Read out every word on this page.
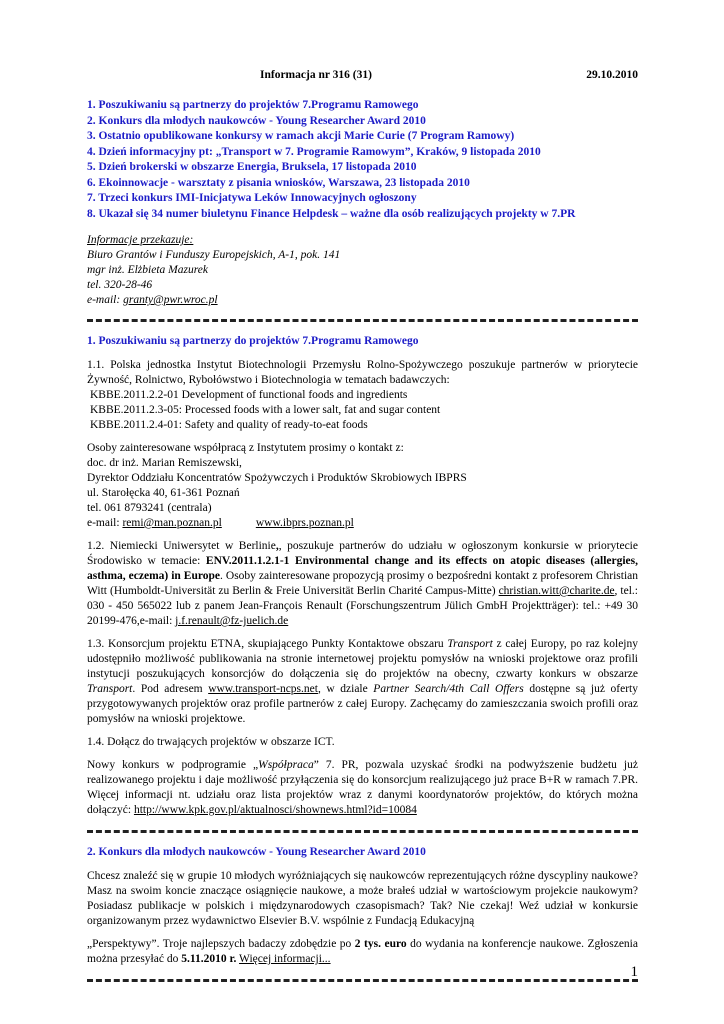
Informacja nr 316 (31)	29.10.2010
1. Poszukiwaniu są partnerzy do projektów 7.Programu Ramowego
2. Konkurs dla młodych naukowców - Young Researcher Award 2010
3. Ostatnio opublikowane konkursy w ramach akcji Marie Curie (7 Program Ramowy)
4. Dzień informacyjny pt: „Transport w 7. Programie Ramowym”, Kraków, 9 listopada 2010
5. Dzień brokerski w obszarze Energia, Bruksela, 17 listopada 2010
6. Ekoinnowacje - warsztaty z pisania wniosków, Warszawa, 23 listopada 2010
7. Trzeci konkurs IMI-Inicjatywa Leków Innowacyjnych ogłoszony
8. Ukazał się 34 numer biuletynu Finance Helpdesk – ważne dla osób realizujących projekty w 7.PR
Informacje przekazuje:
Biuro Grantów i Funduszy Europejskich, A-1, pok. 141
mgr inż. Elżbieta Mazurek
tel. 320-28-46
e-mail: granty@pwr.wroc.pl
1. Poszukiwaniu są partnerzy do projektów 7.Programu Ramowego
1.1. Polska jednostka Instytut Biotechnologii Przemysłu Rolno-Spożywczego poszukuje partnerów w priorytecie Żywność, Rolnictwo, Rybołówstwo i Biotechnologia w tematach badawczych:
KBBE.2011.2.2-01 Development of functional foods and ingredients
KBBE.2011.2.3-05: Processed foods with a lower salt, fat and sugar content
KBBE.2011.2.4-01: Safety and quality of ready-to-eat foods
Osoby zainteresowane współpracą z Instytutem prosimy o kontakt z:
doc. dr inż. Marian Remiszewski,
Dyrektor Oddziału Koncentratów Spożywczych i Produktów Skrobiowych IBPRS
ul. Starołęcka 40, 61-361 Poznań
tel. 061 8793241 (centrala)
e-mail: remi@man.poznan.pl	www.ibprs.poznan.pl
1.2. Niemiecki Uniwersytet w Berlinie,, poszukuje partnerów do udziału w ogłoszonym konkursie w priorytecie Środowisko w temacie: ENV.2011.1.2.1-1 Environmental change and its effects on atopic diseases (allergies, asthma, eczema) in Europe. Osoby zainteresowane propozycją prosimy o bezpośredni kontakt z profesorem Christian Witt (Humboldt-Universität zu Berlin & Freie Universität Berlin Charité Campus-Mitte) christian.witt@charite.de, tel.: 030 - 450 565022 lub z panem Jean-François Renault (Forschungszentrum Jülich GmbH Projektträger): tel.: +49 30 20199-476,e-mail: j.f.renault@fz-juelich.de
1.3. Konsorcjum projektu ETNA, skupiającego Punkty Kontaktowe obszaru Transport z całej Europy, po raz kolejny udostępniło możliwość publikowania na stronie internetowej projektu pomysłów na wnioski projektowe oraz profili instytucji poszukujących konsorcjów do dołączenia się do projektów na obecny, czwarty konkurs w obszarze Transport. Pod adresem www.transport-ncps.net, w dziale Partner Search/4th Call Offers dostępne są już oferty przygotowywanych projektów oraz profile partnerów z całej Europy. Zachęcamy do zamieszczania swoich profili oraz pomysłów na wnioski projektowe.
1.4. Dołącz do trwających projektów w obszarze ICT.
Nowy konkurs w podprogramie „Współpraca” 7. PR, pozwala uzyskać środki na podwyższenie budżetu już realizowanego projektu i daje możliwość przyłączenia się do konsorcjum realizującego już prace B+R w ramach 7.PR. Więcej informacji nt. udziału oraz lista projektów wraz z danymi koordynatorów projektów, do których można dołączyć: http://www.kpk.gov.pl/aktualnosci/shownews.html?id=10084
2. Konkurs dla młodych naukowców - Young Researcher Award 2010
Chcesz znaleźć się w grupie 10 młodych wyróżniających się naukowców reprezentujących różne dyscypliny naukowe? Masz na swoim koncie znaczące osiągnięcie naukowe, a może brałeś udział w wartościowym projekcie naukowym? Posiadasz publikacje w polskich i międzynarodowych czasopismach? Tak? Nie czekaj! Weź udział w konkursie organizowanym przez wydawnictwo Elsevier B.V. wspólnie z Fundacją Edukacyjną
„Perspektywy”. Troje najlepszych badaczy zdobędzie po 2 tys. euro do wydania na konferencje naukowe. Zgłoszenia można przesyłać do 5.11.2010 r. Więcej informacji...
1
